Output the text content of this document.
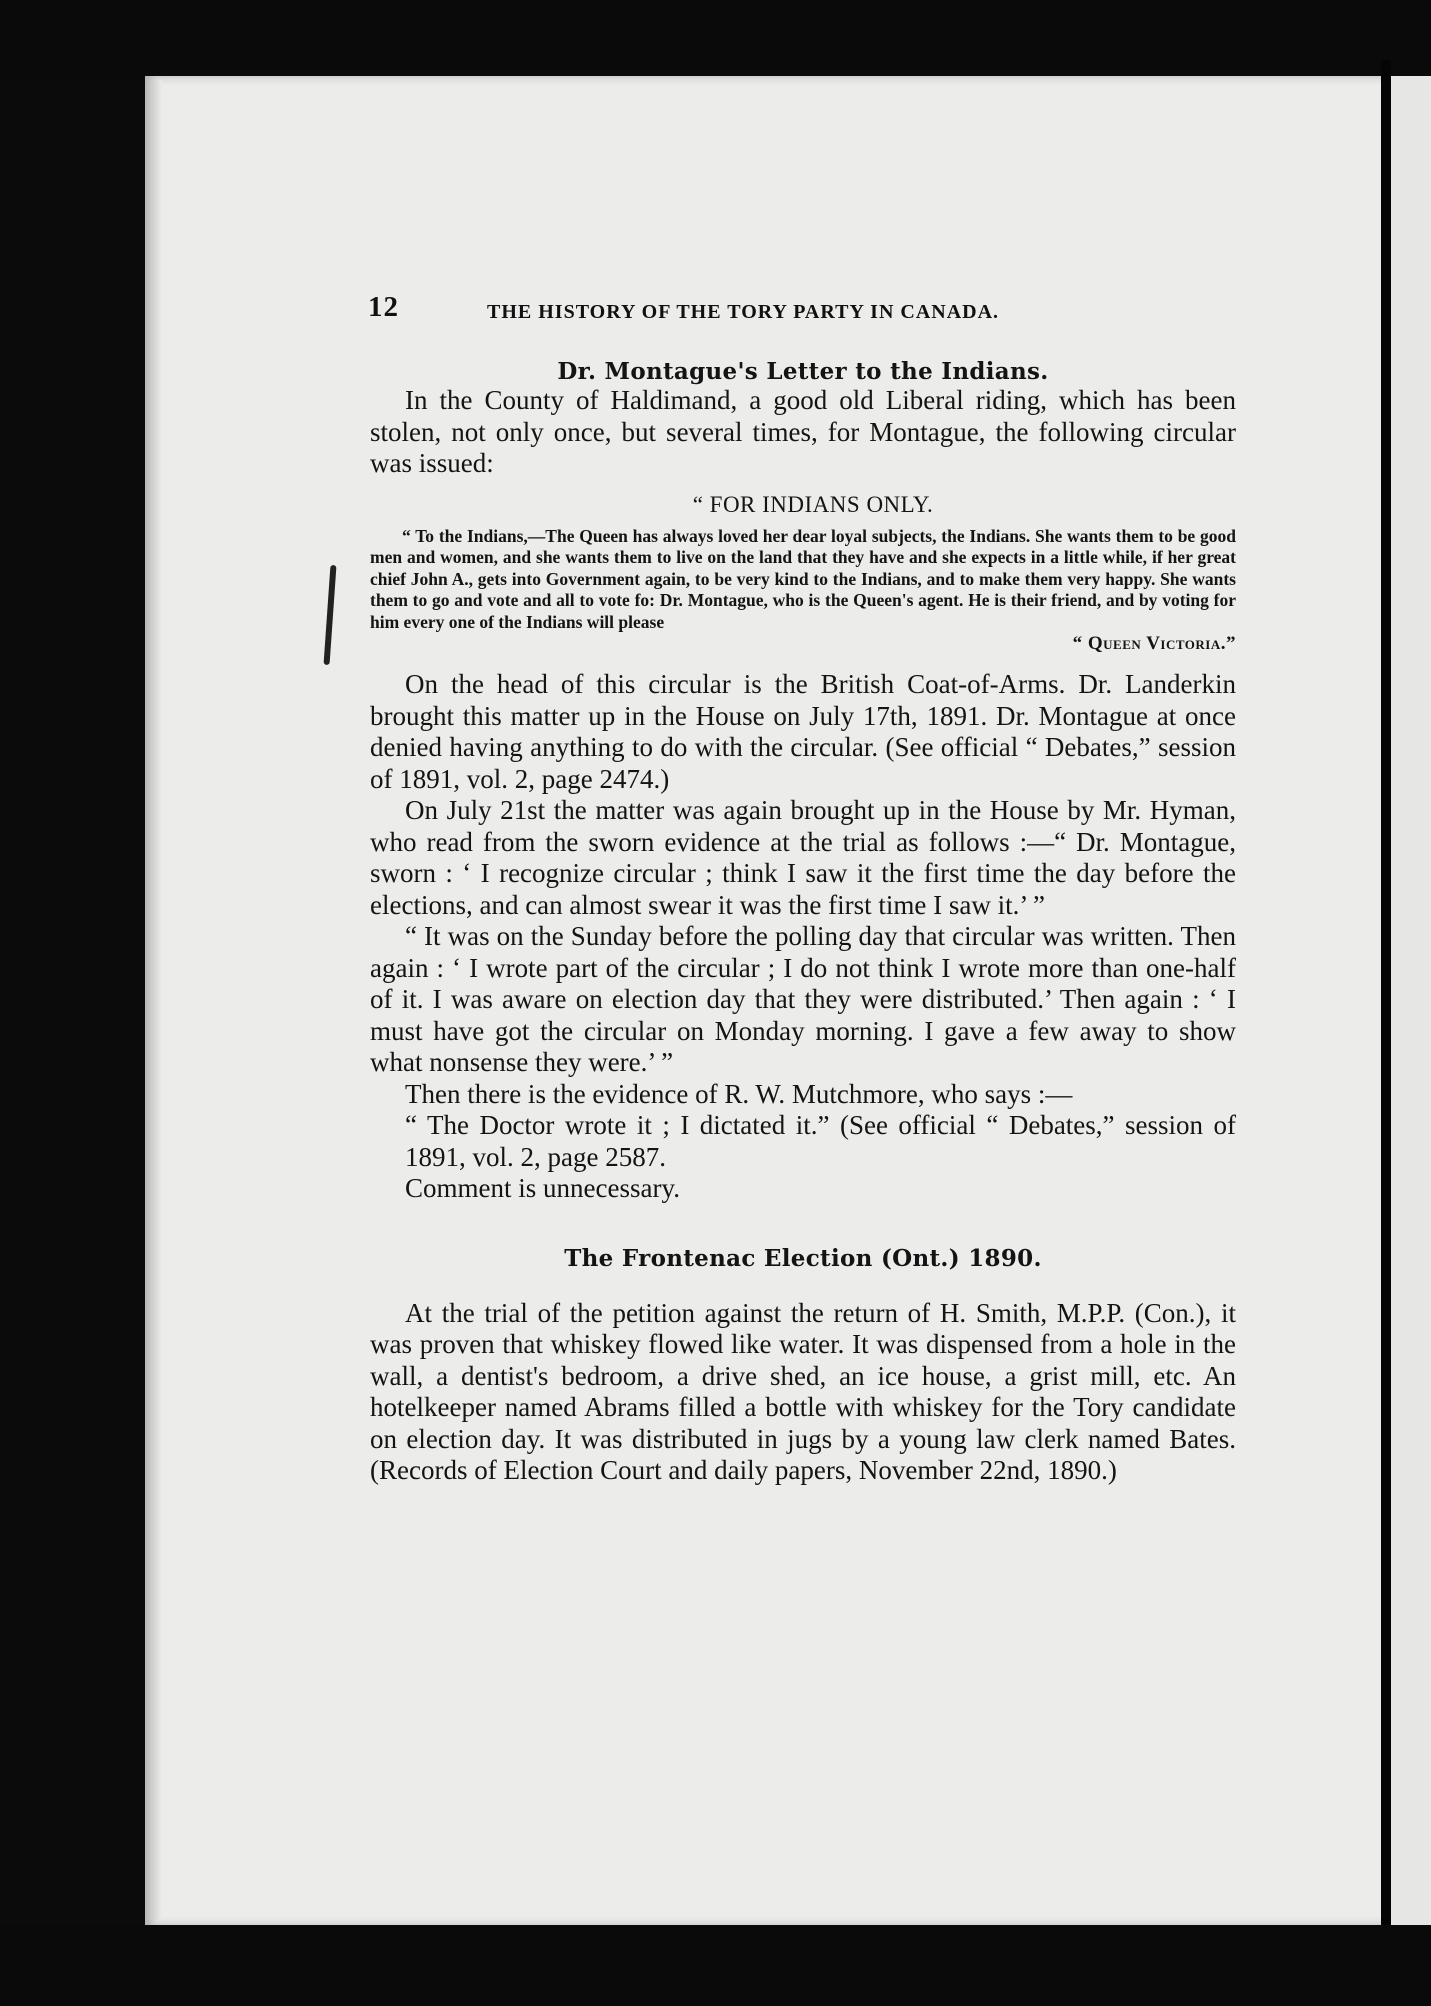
12	THE HISTORY OF THE TORY PARTY IN CANADA.
Dr. Montague's Letter to the Indians.

In the County of Haldimand, a good old Liberal riding, which has been stolen, not only once, but several times, for Montague, the following circular was issued:

“ FOR INDIANS ONLY.
“ To the Indians,—The Queen has always loved her dear loyal subjects, the Indians. She wants them to be good men and women, and she wants them to live on the land that they have and she expects in a little while, if her great chief John A., gets into Government again, to be very kind to the Indians, and to make them very happy. She wants them to go and vote and all to vote fo: Dr. Montague, who is the Queen's agent. He is their friend, and by voting for him every one of the Indians will please
“ Queen Victoria.”

On the head of this circular is the British Coat-of-Arms. Dr. Landerkin brought this matter up in the House on July 17th, 1891. Dr. Montague at once denied having anything to do with the circular. (See official “ Debates,” session of 1891, vol. 2, page 2474.)

On July 21st the matter was again brought up in the House by Mr. Hyman, who read from the sworn evidence at the trial as follows :—“ Dr. Montague, sworn : ‘ I recognize circular ; think I saw it the first time the day before the elections, and can almost swear it was the first time I saw it.’ ”

“ It was on the Sunday before the polling day that circular was written. Then again : ‘ I wrote part of the circular ; I do not think I wrote more than one-half of it. I was aware on election day that they were distributed.’ Then again : ‘ I must have got the circular on Monday morning. I gave a few away to show what nonsense they were.’ ”

Then there is the evidence of R. W. Mutchmore, who says :—

“ The Doctor wrote it ; I dictated it.” (See official “ Debates,” session of 1891, vol. 2, page 2587.

Comment is unnecessary.

The Frontenac Election (Ont.) 1890.

At the trial of the petition against the return of H. Smith, M.P.P. (Con.), it was proven that whiskey flowed like water. It was dispensed from a hole in the wall, a dentist's bedroom, a drive shed, an ice house, a grist mill, etc. An hotelkeeper named Abrams filled a bottle with whiskey for the Tory candidate on election day. It was distributed in jugs by a young law clerk named Bates. (Records of Election Court and daily papers, November 22nd, 1890.)
